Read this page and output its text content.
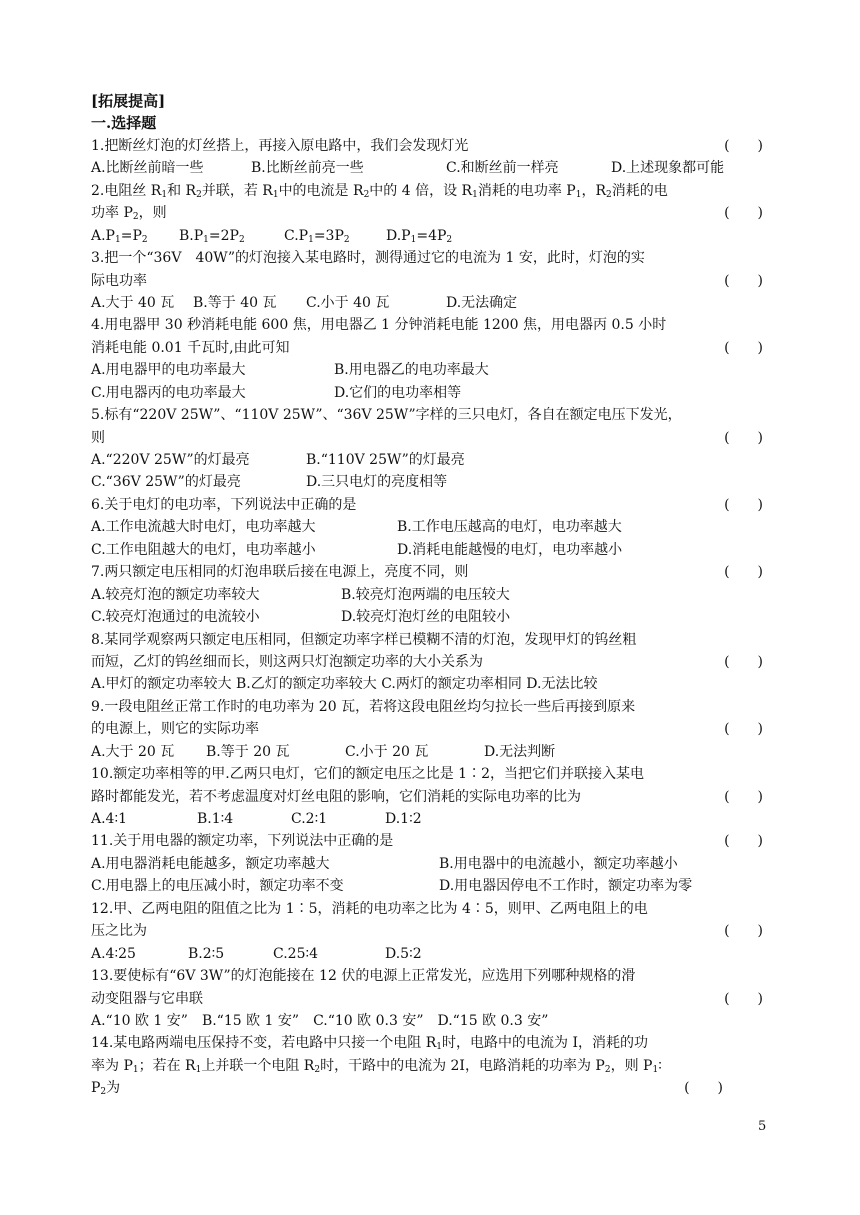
[拓展提高]
一.选择题
1.把断丝灯泡的灯丝搭上，再接入原电路中，我们会发现灯光	(　　)
A.比断丝前暗一些	B.比断丝前亮一些	C.和断丝前一样亮	D.上述现象都可能
2.电阻丝 $R_1$和 $R_2$并联，若 $R_1$中的电流是 $R_2$中的 4 倍，设 $R_1$消耗的电功率 $P_1$，$R_2$消耗的电
功率 $P_2$，则	(　　)
$A.P_1=P_2$ $B.P_1=2P_2$	$C.P_1=3P_2$	$D.P_1=4P_2$
3.把一个“36V　40W”的灯泡接入某电路时，测得通过它的电流为 1 安，此时，灯泡的实
际电功率	(　　)
A.大于 40 瓦 B.等于 40 瓦 C.小于 40 瓦	D.无法确定
4.用电器甲 30 秒消耗电能 600 焦，用电器乙 1 分钟消耗电能 1200 焦，用电器丙 0.5 小时
消耗电能 0.01 千瓦时,由此可知	(　　)
A.用电器甲的电功率最大	B.用电器乙的电功率最大
C.用电器丙的电功率最大	D.它们的电功率相等
5.标有“220V 25W”、“110V 25W”、“36V 25W”字样的三只电灯，各自在额定电压下发光，
则	(　　)
A.“220V 25W”的灯最亮	B.“110V 25W”的灯最亮
C.“36V 25W”的灯最亮	D.三只电灯的亮度相等
6.关于电灯的电功率，下列说法中正确的是	(　　)
A.工作电流越大时电灯，电功率越大	B.工作电压越高的电灯，电功率越大
C.工作电阻越大的电灯，电功率越小	D.消耗电能越慢的电灯，电功率越小
7.两只额定电压相同的灯泡串联后接在电源上，亮度不同，则	(　　)
A.较亮灯泡的额定功率较大	B.较亮灯泡两端的电压较大
C.较亮灯泡通过的电流较小	D.较亮灯泡灯丝的电阻较小
8.某同学观察两只额定电压相同，但额定功率字样已模糊不清的灯泡，发现甲灯的钨丝粗
而短，乙灯的钨丝细而长，则这两只灯泡额定功率的大小关系为	(　　)
A.甲灯的额定功率较大 B.乙灯的额定功率较大 C.两灯的额定功率相同 D.无法比较
9.一段电阻丝正常工作时的电功率为 20 瓦，若将这段电阻丝均匀拉长一些后再接到原来
的电源上，则它的实际功率	(　　)
A.大于 20 瓦 B.等于 20 瓦	C.小于 20 瓦	D.无法判断
10.额定功率相等的甲.乙两只电灯，它们的额定电压之比是 1∶2，当把它们并联接入某电
路时都能发光，若不考虑温度对灯丝电阻的影响，它们消耗的实际电功率的比为	(　　)
A.4∶1	B.1∶4	C.2∶1	D.1∶2
11.关于用电器的额定功率，下列说法中正确的是	(　　)
A.用电器消耗电能越多，额定功率越大	B.用电器中的电流越小，额定功率越小
C.用电器上的电压减小时，额定功率不变	D.用电器因停电不工作时，额定功率为零
12.甲、乙两电阻的阻值之比为 1∶5，消耗的电功率之比为 4∶5，则甲、乙两电阻上的电
压之比为	(　　)
A.4∶25	B.2∶5	C.25∶4	D.5∶2
13.要使标有“6V 3W”的灯泡能接在 12 伏的电源上正常发光，应选用下列哪种规格的滑
动变阻器与它串联	(　　)
A.“10 欧 1 安”　B.“15 欧 1 安”　C.“10 欧 0.3 安”　D.“15 欧 0.3 安”
14.某电路两端电压保持不变，若电路中只接一个电阻 $R_1$时，电路中的电流为 I，消耗的功
率为 $P_1$；若在 $R_1$上并联一个电阻 $R_2$时，干路中的电流为 2I，电路消耗的功率为 $P_2$，则 $P_1∶$
$P_2$为	(　　)
5
